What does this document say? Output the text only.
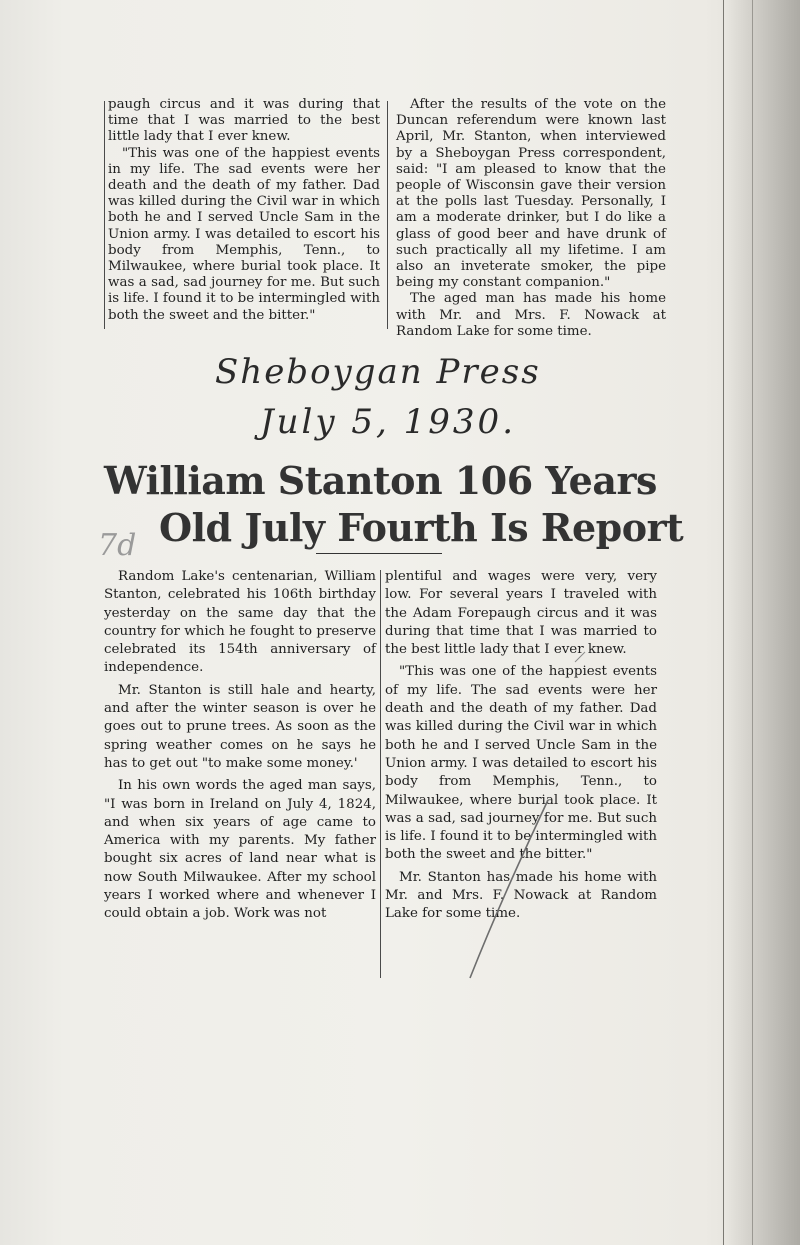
paugh circus and it was during that time that I was married to the best little lady that I ever knew.

"This was one of the happiest events in my life. The sad events were her death and the death of my father. Dad was killed during the Civil war in which both he and I served Uncle Sam in the Union army. I was detailed to escort his body from Memphis, Tenn., to Milwaukee, where burial took place. It was a sad, sad journey for me. But such is life. I found it to be intermingled with both the sweet and the bitter."

After the results of the vote on the Duncan referendum were known last April, Mr. Stanton, when interviewed by a Sheboygan Press correspondent, said: "I am pleased to know that the people of Wisconsin gave their version at the polls last Tuesday. Personally, I am a moderate drinker, but I do like a glass of good beer and have drunk of such practically all my lifetime. I am also an inveterate smoker, the pipe being my constant companion."

The aged man has made his home with Mr. and Mrs. F. Nowack at Random Lake for some time.

Sheboygan Press
July 5, 1930.
William Stanton 106 Years
Old July Fourth Is Report
7d

Random Lake's centenarian, William Stanton, celebrated his 106th birthday yesterday on the same day that the country for which he fought to preserve celebrated its 154th anniversary of independence.

Mr. Stanton is still hale and hearty, and after the winter season is over he goes out to prune trees. As soon as the spring weather comes on he says he has to get out "to make some money.'

In his own words the aged man says, "I was born in Ireland on July 4, 1824, and when six years of age came to America with my parents. My father bought six acres of land near what is now South Milwaukee. After my school years I worked where and whenever I could obtain a job. Work was not

plentiful and wages were very, very low. For several years I traveled with the Adam Forepaugh circus and it was during that time that I was married to the best little lady that I ever knew.

"This was one of the happiest events of my life. The sad events were her death and the death of my father. Dad was killed during the Civil war in which both he and I served Uncle Sam in the Union army. I was detailed to escort his body from Memphis, Tenn., to Milwaukee, where burial took place. It was a sad, sad journey for me. But such is life. I found it to be intermingled with both the sweet and the bitter."

Mr. Stanton has made his home with Mr. and Mrs. F. Nowack at Random Lake for some time.
